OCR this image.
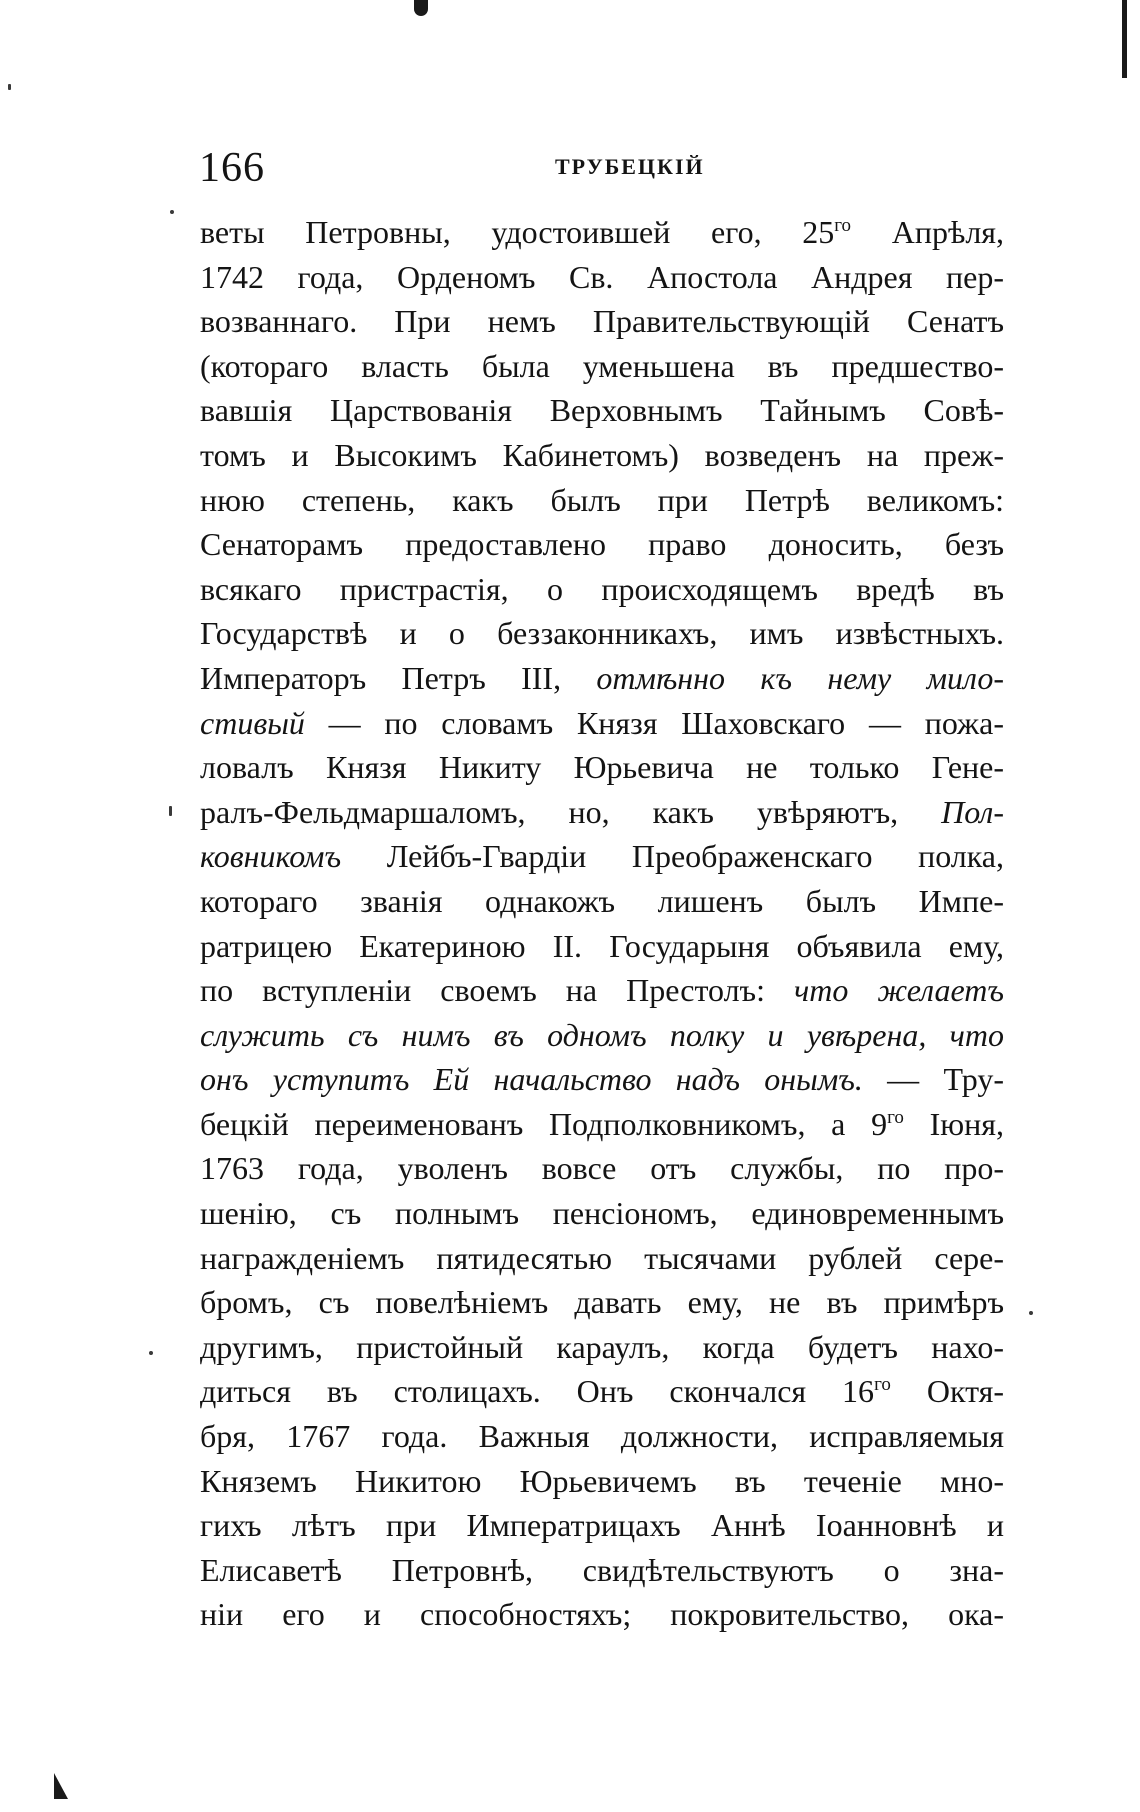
166	ТРУБЕЦКІЙ
веты Петровны, удостоившей его, $25^{го}$ Апрѣля,
1742 года, Орденомъ Св. Апостола Андрея пер-
возваннаго. При немъ Правительствующій Сенатъ
(котораго власть была уменьшена въ предшество-
вавшія Царствованія Верховнымъ Тайнымъ Совѣ-
томъ и Высокимъ Кабинетомъ) возведенъ на преж-
нюю степень, какъ былъ при Петрѣ великомъ:
Сенаторамъ предоставлено право доносить, безъ
всякаго пристрастія, о происходящемъ вредѣ въ
Государствѣ и о беззаконникахъ, имъ извѣстныхъ.
Императоръ Петръ III, отмѣнно къ нему мило-
стивый — по словамъ Князя Шаховскаго — пожа-
ловалъ Князя Никиту Юрьевича не только Гене-
ралъ-Фельдмаршаломъ, но, какъ увѣряютъ, Пол-
ковникомъ Лейбъ-Гвардіи Преображенскаго полка,
котораго званія однакожъ лишенъ былъ Импе-
ратрицею Екатериною II. Государыня объявила ему,
по вступленіи своемъ на Престолъ: что желаетъ
служить съ нимъ въ одномъ полку и увѣрена, что
онъ уступитъ Ей начальство надъ онымъ. — Тру-
бецкій переименованъ Подполковникомъ, а $9^{го}$ Іюня,
1763 года, уволенъ вовсе отъ службы, по про-
шенію, съ полнымъ пенсіономъ, единовременнымъ
награжденіемъ пятидесятью тысячами рублей сере-
бромъ, съ повелѣніемъ давать ему, не въ примѣръ
другимъ, пристойный караулъ, когда будетъ нахо-
диться въ столицахъ. Онъ скончался $16^{го}$ Октя-
бря, 1767 года. Важныя должности, исправляемыя
Княземъ Никитою Юрьевичемъ въ теченіе мно-
гихъ лѣтъ при Императрицахъ Аннѣ Іоанновнѣ и
Елисаветѣ Петровнѣ, свидѣтельствуютъ о зна-
ніи его и способностяхъ; покровительство, ока-
